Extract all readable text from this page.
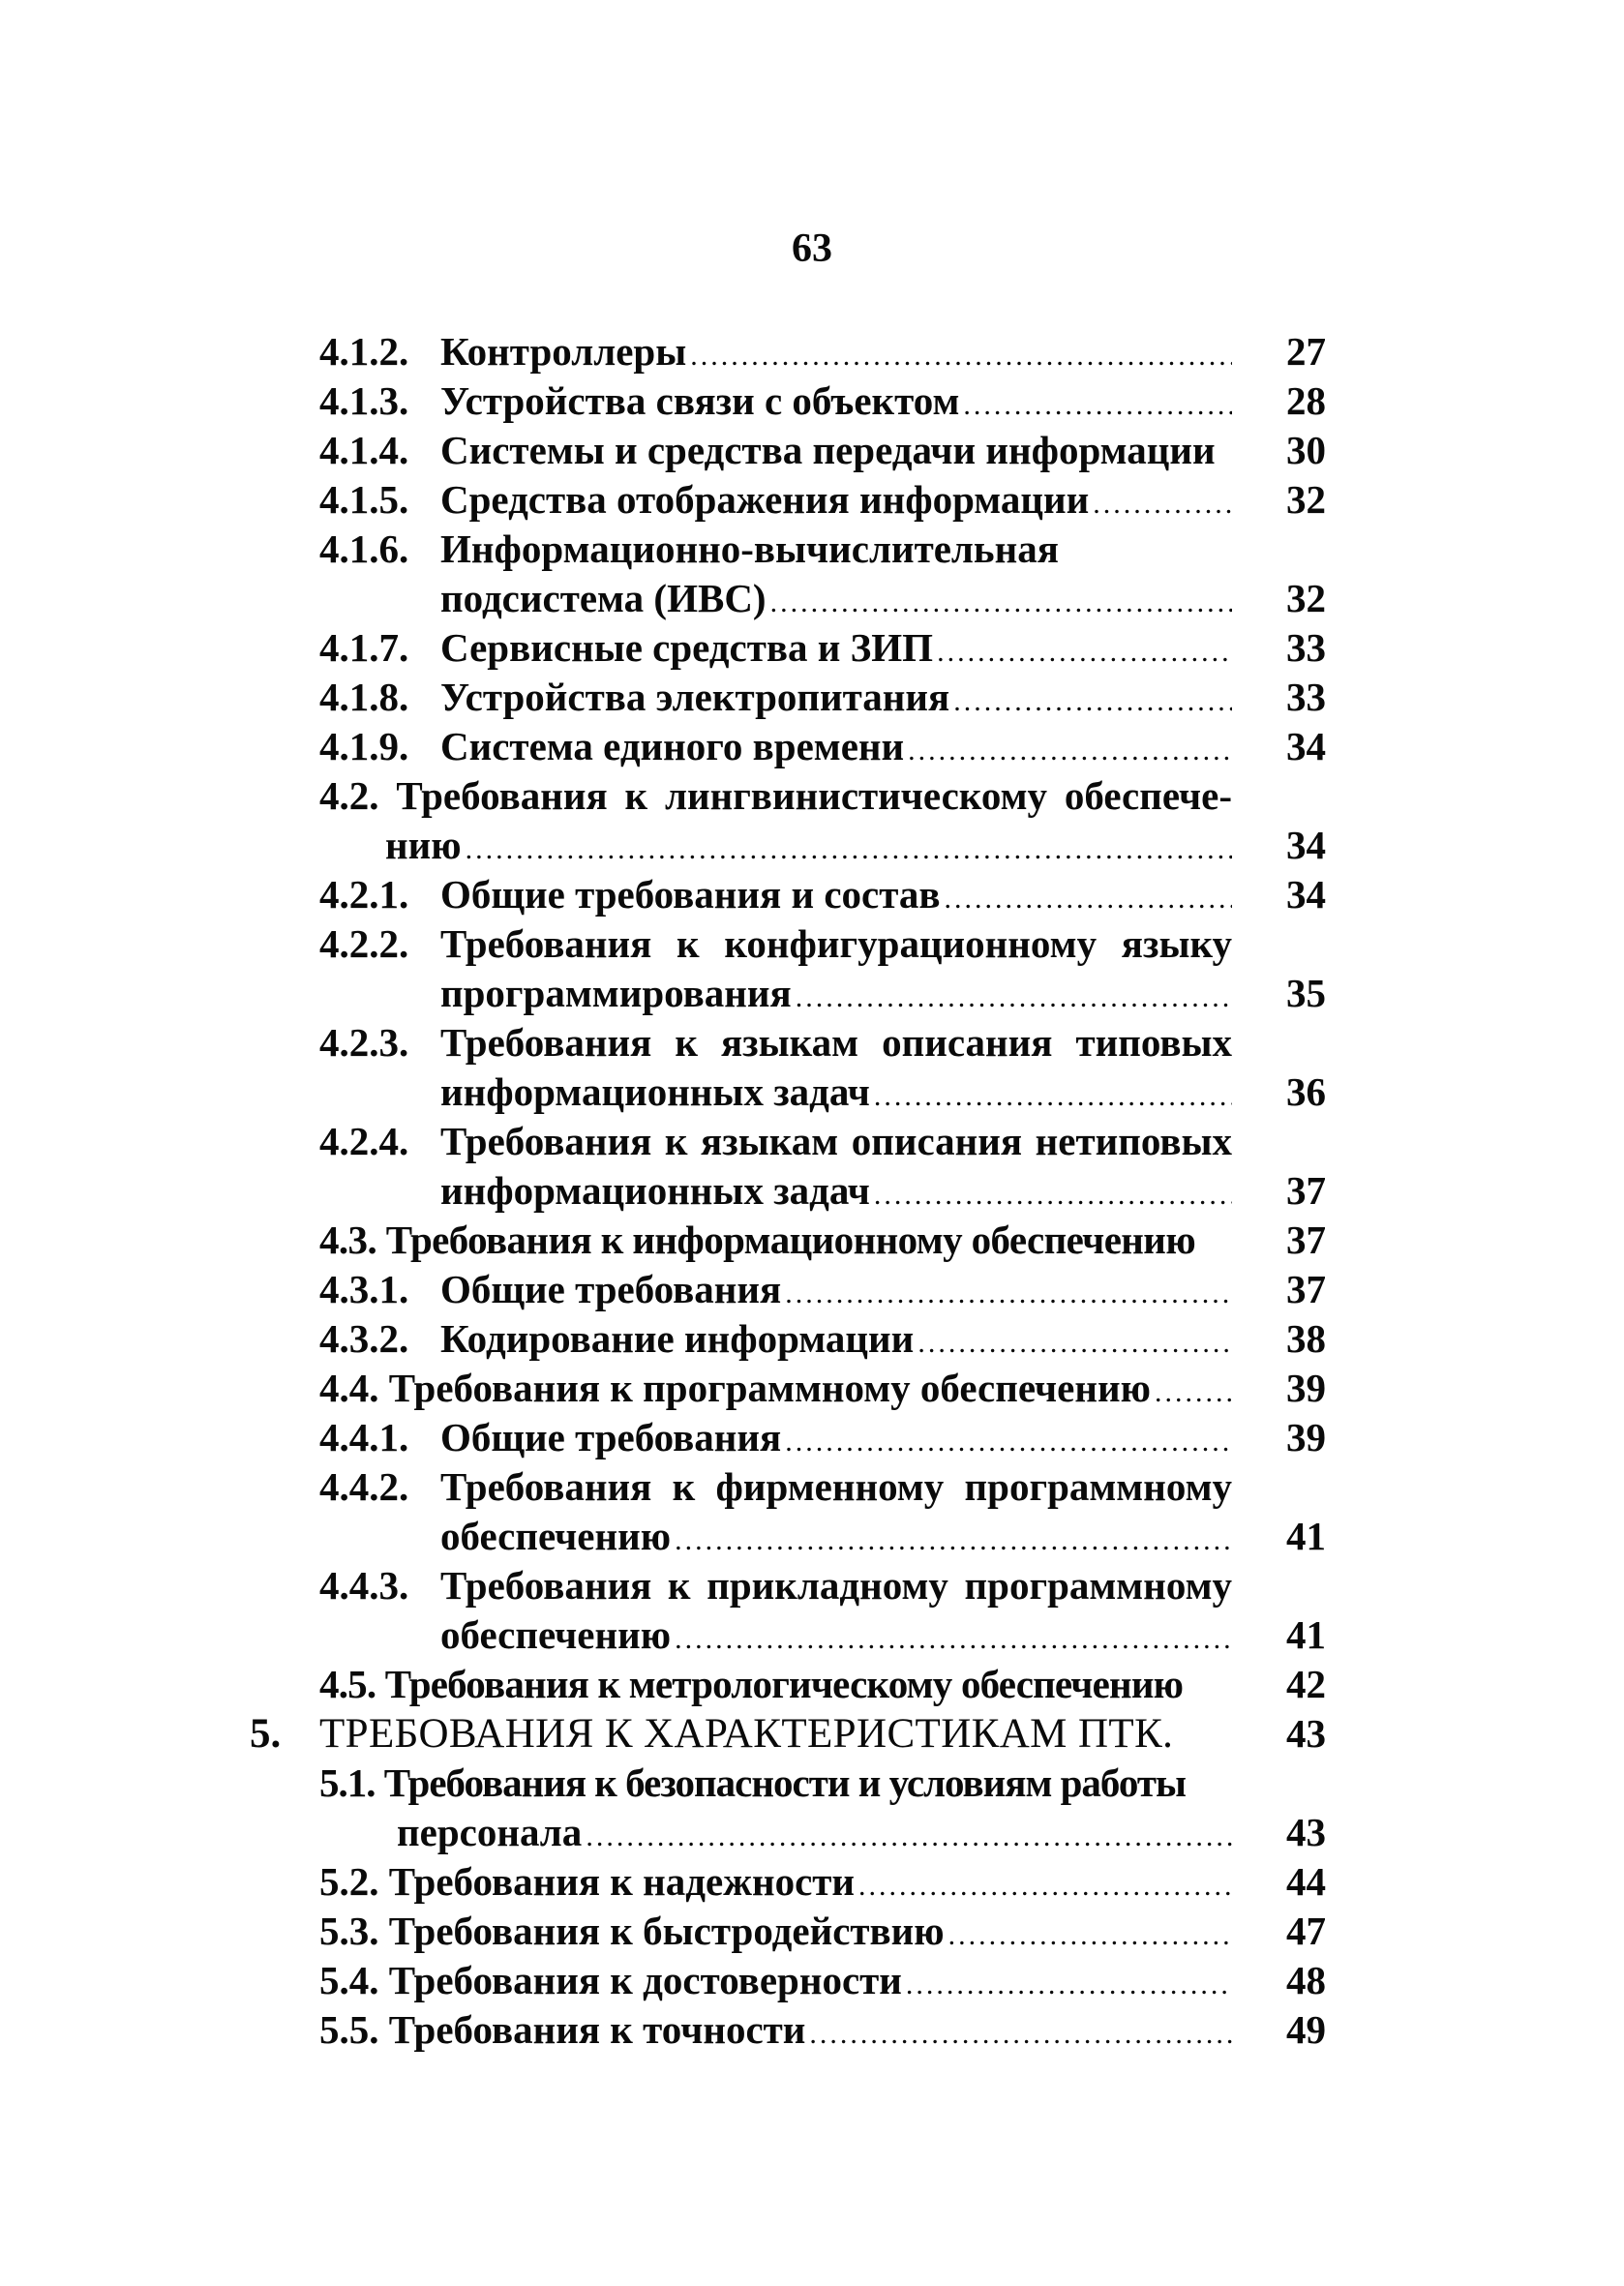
63
4.1.2. Контроллеры .....	27
4.1.3. Устройства связи с объектом .....	28
4.1.4. Системы и средства передачи информации	30
4.1.5. Средства отображения информации .....	32
4.1.6. Информационно-вычислительная
подсистема (ИВС) .....	32
4.1.7. Сервисные средства и ЗИП .....	33
4.1.8. Устройства электропитания .....	33
4.1.9. Система единого времени .....	34
4.2. Требования к лингвинистическому обеспече-
нию .....	34
4.2.1. Общие требования и состав .....	34
4.2.2. Требования к конфигурационному языку
программирования .....	35
4.2.3. Требования к языкам описания типовых
информационных задач .....	36
4.2.4. Требования к языкам описания нетиповых
информационных задач .....	37
4.3. Требования к информационному обеспечению	37
4.3.1. Общие требования .....	37
4.3.2. Кодирование информации .....	38
4.4. Требования к программному обеспечению .....	39
4.4.1. Общие требования .....	39
4.4.2. Требования к фирменному программному
обеспечению .....	41
4.4.3. Требования к прикладному программному
обеспечению .....	41
4.5. Требования к метрологическому обеспечению	42
5. ТРЕБОВАНИЯ К ХАРАКТЕРИСТИКАМ ПТК.	43
5.1. Требования к безопасности и условиям работы
персонала .....	43
5.2. Требования к надежности .....	44
5.3. Требования к быстродействию .....	47
5.4. Требования к достоверности .....	48
5.5. Требования к точности .....	49
